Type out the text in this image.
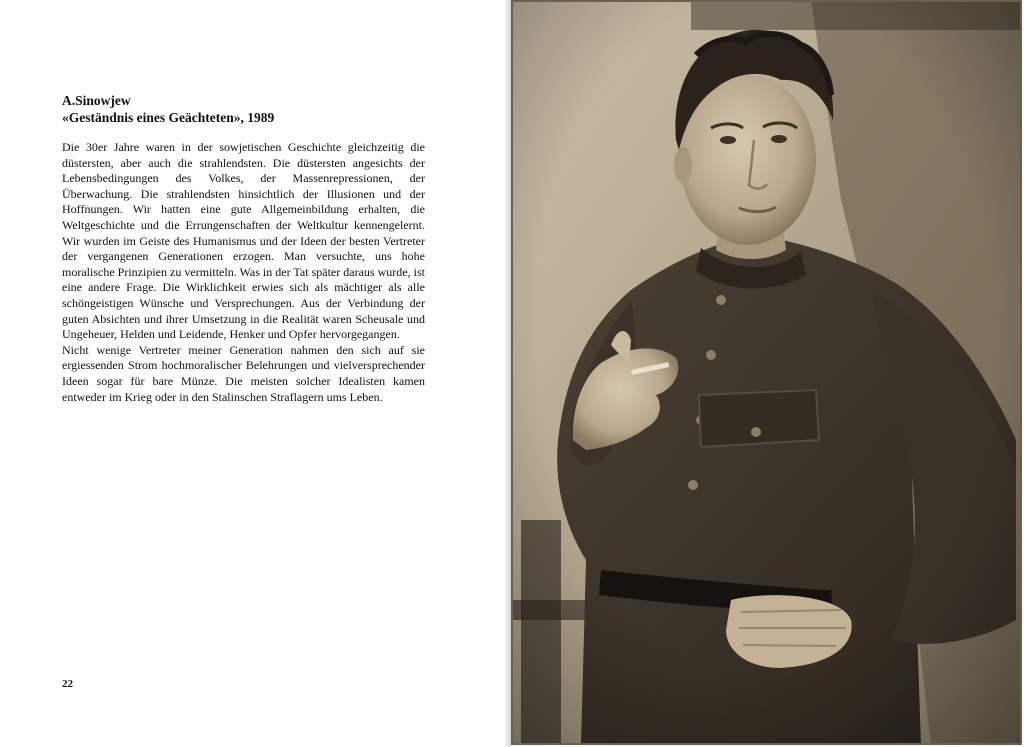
A.Sinowjew
«Geständnis eines Geächteten», 1989

Die 30er Jahre waren in der sowjetischen Geschichte gleichzeitig die düstersten, aber auch die strahlendsten. Die düstersten angesichts der Lebensbedingungen des Volkes, der Massenrepressionen, der Überwachung. Die strahlendsten hinsichtlich der Illusionen und der Hoffnungen. Wir hatten eine gute Allgemeinbildung erhalten, die Weltgeschichte und die Errungenschaften der Weltkultur kennengelernt. Wir wurden im Geiste des Humanismus und der Ideen der besten Vertreter der vergangenen Generationen erzogen. Man versuchte, uns hohe moralische Prinzipien zu vermitteln. Was in der Tat später daraus wurde, ist eine andere Frage. Die Wirklichkeit erwies sich als mächtiger als alle schöngeistigen Wünsche und Versprechungen. Aus der Verbindung der guten Absichten und ihrer Umsetzung in die Realität waren Scheusale und Ungeheuer, Helden und Leidende, Henker und Opfer hervorgegangen.

Nicht wenige Vertreter meiner Generation nahmen den sich auf sie ergiessenden Strom hochmoralischer Belehrungen und vielversprechender Ideen sogar für bare Münze. Die meisten solcher Idealisten kamen entweder im Krieg oder in den Stalinschen Straflagern ums Leben.

22
